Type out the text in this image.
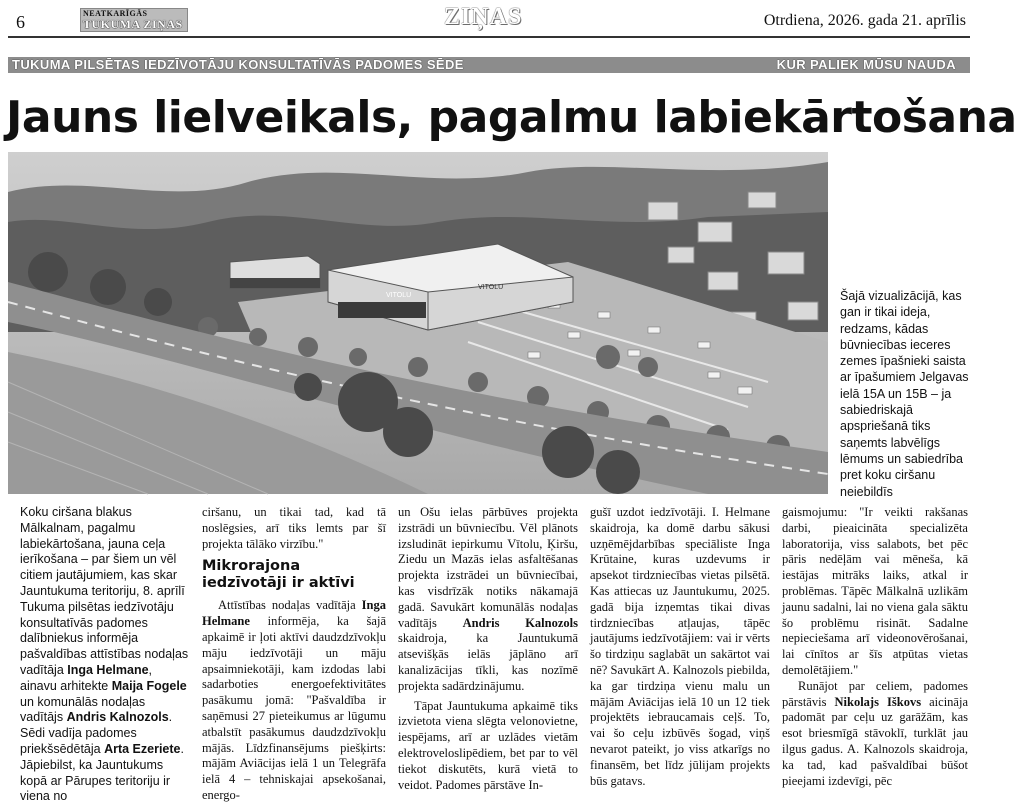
6	NEATKARĪGĀS
TUKUMA ZIŅAS	ZIŅAS	Otrdiena, 2026. gada 21. aprīlis
TUKUMA PILSĒTAS IEDZĪVOTĀJU KONSULTATĪVĀS PADOMES SĒDE	KUR PALIEK MŪSU NAUDA
Jauns lielveikals, pagalmu labiekārtošana
VITOLU
VITOLU

Šajā vizualizācijā, kas gan ir tikai ideja, redzams, kādas būvniecības ieceres zemes īpašnieki saista ar īpašumiem Jelgavas ielā 15A un 15B – ja sabiedriskajā apspriešanā tiks saņemts labvēlīgs lēmums un sabiedrība pret koku ciršanu neiebildīs

Koku ciršana blakus Mālkalnam, pagalmu labiekārtošana, jauna ceļa ierīkošana – par šiem un vēl citiem jautājumiem, kas skar Jauntukuma teritoriju, 8. aprīlī Tukuma pilsētas iedzīvotāju konsultatīvās padomes dalībniekus informēja pašvaldības attīstības nodaļas vadītāja Inga Helmane, ainavu arhitekte Maija Fogele un komunālās nodaļas vadītājs Andris Kalnozols. Sēdi vadīja padomes priekšsēdētāja Arta Ezeriete. Jāpiebilst, ka Jauntukums kopā ar Pārupes teritoriju ir viena no

ciršanu, un tikai tad, kad tā noslēgsies, arī tiks lemts par šī projekta tālāko virzību."

Mikrorajona iedzīvotāji ir aktīvi

Attīstības nodaļas vadītāja Inga Helmane informēja, ka šajā apkaimē ir ļoti aktīvi daudzdzīvokļu māju iedzīvotāji un māju apsaimniekotāji, kam izdodas labi sadarboties energoefektivitātes pasākumu jomā: "Pašvaldība ir saņēmusi 27 pieteikumus ar lūgumu atbalstīt pasākumus daudzdzīvokļu mājās. Līdzfinansējums piešķirts: mājām Aviācijas ielā 1 un Telegrāfa ielā 4 – tehniskajai apsekošanai, energo-

un Ošu ielas pārbūves projekta izstrādi un būvniecību. Vēl plānots izsludināt iepirkumu Vītolu, Ķiršu, Ziedu un Mazās ielas asfaltēšanas projekta izstrādei un būvniecībai, kas visdrīzāk notiks nākamajā gadā. Savukārt komunālās nodaļas vadītājs Andris Kalnozols skaidroja, ka Jauntukumā atsevišķās ielās jāplāno arī kanalizācijas tīkli, kas nozīmē projekta sadārdzinājumu.

Tāpat Jauntukuma apkaimē tiks izvietota viena slēgta velonovietne, iespējams, arī ar uzlādes vietām elektroveloslipēdiem, bet par to vēl tiekot diskutēts, kurā vietā to veidot. Padomes pārstāve In-

gušī uzdot iedzīvotāji. I. Helmane skaidroja, ka domē darbu sākusi uzņēmējdarbības speciāliste Inga Krūtaine, kuras uzdevums ir apsekot tirdzniecības vietas pilsētā. Kas attiecas uz Jauntukumu, 2025. gadā bija izņemtas tikai divas tirdzniecības atļaujas, tāpēc jautājums iedzīvotājiem: vai ir vērts šo tirdziņu saglabāt un sakārtot vai nē? Savukārt A. Kalnozols piebilda, ka gar tirdziņa vienu malu un mājām Aviācijas ielā 10 un 12 tiek projektēts iebraucamais ceļš. To, vai šo ceļu izbūvēs šogad, viņš nevarot pateikt, jo viss atkarīgs no finansēm, bet līdz jūlijam projekts būs gatavs.

gaismojumu: "Ir veikti rakšanas darbi, pieaicināta specializēta laboratorija, viss salabots, bet pēc pāris nedēļām vai mēneša, kā iestājas mitrāks laiks, atkal ir problēmas. Tāpēc Mālkalnā uzlikām jaunu sadalni, lai no viena gala sāktu šo problēmu risināt. Sadalne nepieciešama arī videonovērošanai, lai cīnītos ar šīs atpūtas vietas demolētājiem."

Runājot par celiem, padomes pārstāvis Nikolajs Iškovs aicināja padomāt par ceļu uz garāžām, kas esot briesmīgā stāvoklī, turklāt jau ilgus gadus. A. Kalnozols skaidroja, ka tad, kad pašvaldībai būšot pieejami izdevīgi, pēc
